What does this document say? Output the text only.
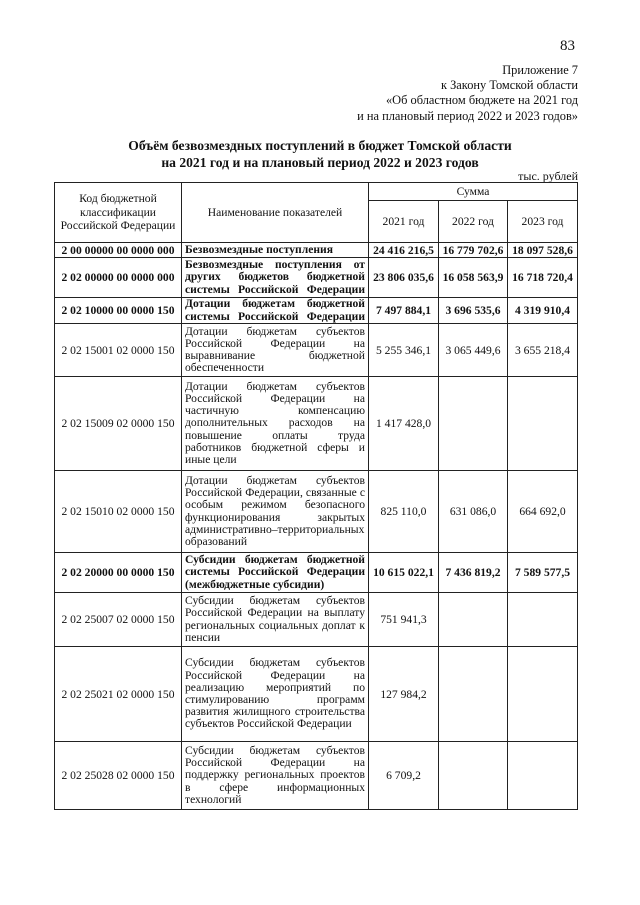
83
Приложение 7
к Закону Томской области
«Об областном бюджете на 2021 год
и на плановый период 2022 и 2023 годов»
Объём безвозмездных поступлений в бюджет Томской области
на 2021 год и на плановый период 2022 и 2023 годов
тыс. рублей
Код бюджетной классификации Российской Федерации	Наименование показателей	Сумма		
		2021 год	2022 год	2023 год
2 00 00000 00 0000 000	Безвозмездные поступления	24 416 216,5	16 779 702,6	18 097 528,6
2 02 00000 00 0000 000	Безвозмездные поступления от других бюджетов бюджетной системы Российской Федерации	23 806 035,6	16 058 563,9	16 718 720,4
2 02 10000 00 0000 150	Дотации бюджетам бюджетной системы Российской Федерации	7 497 884,1	3 696 535,6	4 319 910,4
2 02 15001 02 0000 150	Дотации бюджетам субъектов Российской Федерации на выравнивание бюджетной обеспеченности	5 255 346,1	3 065 449,6	3 655 218,4
2 02 15009 02 0000 150	Дотации бюджетам субъектов Российской Федерации на частичную компенсацию дополнительных расходов на повышение оплаты труда работников бюджетной сферы и иные цели	1 417 428,0		
2 02 15010 02 0000 150	Дотации бюджетам субъектов Российской Федерации, связанные с особым режимом безопасного функционирования закрытых административно–территориальных образований	825 110,0	631 086,0	664 692,0
2 02 20000 00 0000 150	Субсидии бюджетам бюджетной системы Российской Федерации (межбюджетные субсидии)	10 615 022,1	7 436 819,2	7 589 577,5
2 02 25007 02 0000 150	Субсидии бюджетам субъектов Российской Федерации на выплату региональных социальных доплат к пенсии	751 941,3		
2 02 25021 02 0000 150	Субсидии бюджетам субъектов Российской Федерации на реализацию мероприятий по стимулированию программ развития жилищного строительства субъектов Российской Федерации	127 984,2		
2 02 25028 02 0000 150	Субсидии бюджетам субъектов Российской Федерации на поддержку региональных проектов в сфере информационных технологий	6 709,2		
